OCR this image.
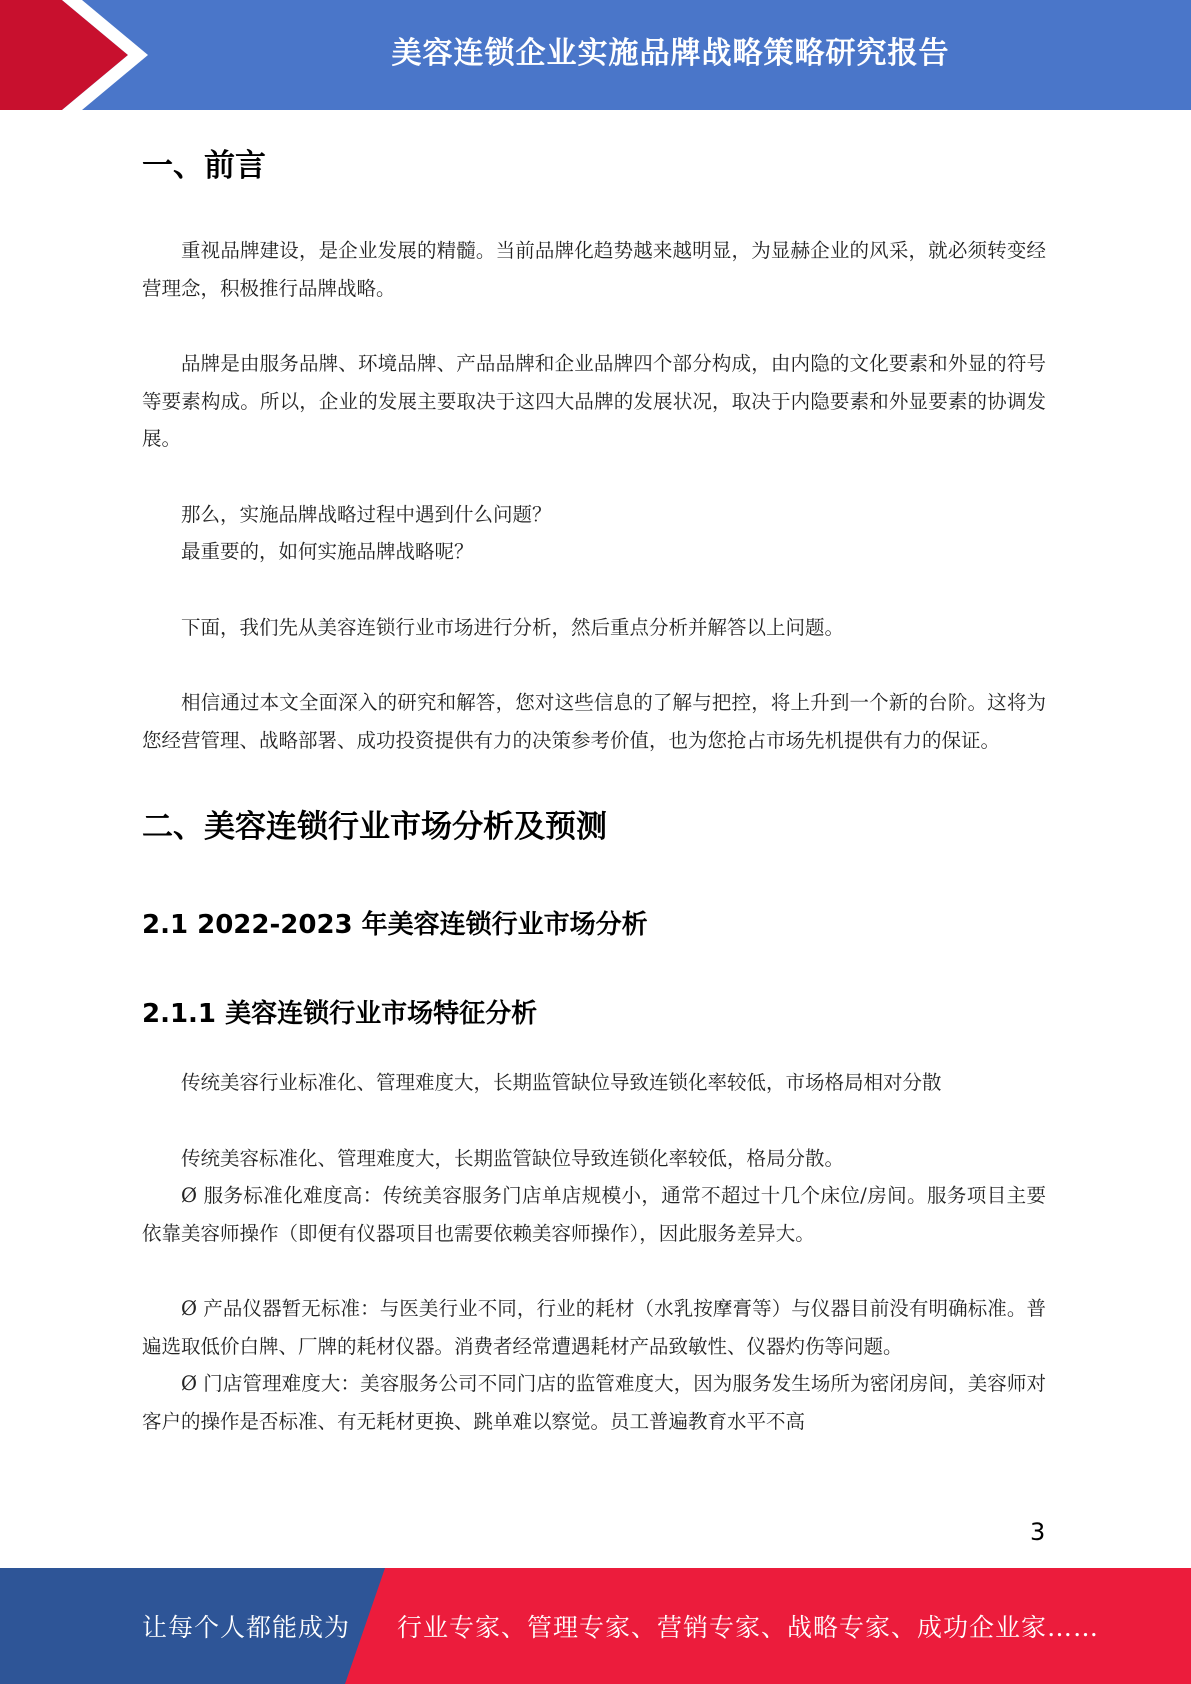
美容连锁企业实施品牌战略策略研究报告
一、前言

重视品牌建设，是企业发展的精髓。当前品牌化趋势越来越明显，为显赫企业的风采，就必须转变经营理念，积极推行品牌战略。

品牌是由服务品牌、环境品牌、产品品牌和企业品牌四个部分构成，由内隐的文化要素和外显的符号等要素构成。所以，企业的发展主要取决于这四大品牌的发展状况，取决于内隐要素和外显要素的协调发展。

那么，实施品牌战略过程中遇到什么问题？

最重要的，如何实施品牌战略呢？

下面，我们先从美容连锁行业市场进行分析，然后重点分析并解答以上问题。

相信通过本文全面深入的研究和解答，您对这些信息的了解与把控，将上升到一个新的台阶。这将为您经营管理、战略部署、成功投资提供有力的决策参考价值，也为您抢占市场先机提供有力的保证。

二、美容连锁行业市场分析及预测
2.1 2022-2023 年美容连锁行业市场分析
2.1.1 美容连锁行业市场特征分析

传统美容行业标准化、管理难度大，长期监管缺位导致连锁化率较低，市场格局相对分散

传统美容标准化、管理难度大，长期监管缺位导致连锁化率较低，格局分散。

Ø 服务标准化难度高：传统美容服务门店单店规模小，通常不超过十几个床位/房间。服务项目主要依靠美容师操作（即便有仪器项目也需要依赖美容师操作），因此服务差异大。

Ø 产品仪器暂无标准：与医美行业不同，行业的耗材（水乳按摩膏等）与仪器目前没有明确标准。普遍选取低价白牌、厂牌的耗材仪器。消费者经常遭遇耗材产品致敏性、仪器灼伤等问题。

Ø 门店管理难度大：美容服务公司不同门店的监管难度大，因为服务发生场所为密闭房间，美容师对客户的操作是否标准、有无耗材更换、跳单难以察觉。员工普遍教育水平不高

3
让每个人都能成为 行业专家、管理专家、营销专家、战略专家、成功企业家……
